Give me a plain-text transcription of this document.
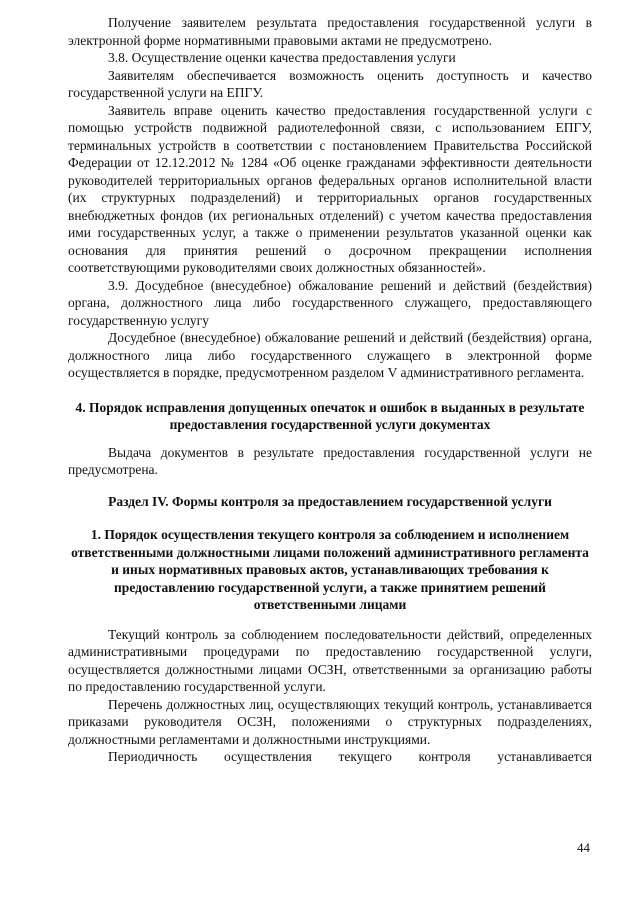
Получение заявителем результата предоставления государственной услуги в электронной форме нормативными правовыми актами не предусмотрено.

3.8. Осуществление оценки качества предоставления услуги

Заявителям обеспечивается возможность оценить доступность и качество государственной услуги на ЕПГУ.

Заявитель вправе оценить качество предоставления государственной услуги с помощью устройств подвижной радиотелефонной связи, с использованием ЕПГУ, терминальных устройств в соответствии с постановлением Правительства Российской Федерации от 12.12.2012 № 1284 «Об оценке гражданами эффективности деятельности руководителей территориальных органов федеральных органов исполнительной власти (их структурных подразделений) и территориальных органов государственных внебюджетных фондов (их региональных отделений) с учетом качества предоставления ими государственных услуг, а также о применении результатов указанной оценки как основания для принятия решений о досрочном прекращении исполнения соответствующими руководителями своих должностных обязанностей».

3.9. Досудебное (внесудебное) обжалование решений и действий (бездействия) органа, должностного лица либо государственного служащего, предоставляющего государственную услугу

Досудебное (внесудебное) обжалование решений и действий (бездействия) органа, должностного лица либо государственного служащего в электронной форме осуществляется в порядке, предусмотренном разделом V административного регламента.

4. Порядок исправления допущенных опечаток и ошибок в выданных в результате предоставления государственной услуги документах

Выдача документов в результате предоставления государственной услуги не предусмотрена.

Раздел IV. Формы контроля за предоставлением государственной услуги

1. Порядок осуществления текущего контроля за соблюдением и исполнением ответственными должностными лицами положений административного регламента и иных нормативных правовых актов, устанавливающих требования к предоставлению государственной услуги, а также принятием решений ответственными лицами

Текущий контроль за соблюдением последовательности действий, определенных административными процедурами по предоставлению государственной услуги, осуществляется должностными лицами ОСЗН, ответственными за организацию работы по предоставлению государственной услуги.

Перечень должностных лиц, осуществляющих текущий контроль, устанавливается приказами руководителя ОСЗН, положениями о структурных подразделениях, должностными регламентами и должностными инструкциями.

Периодичность осуществления текущего контроля устанавливается

44
